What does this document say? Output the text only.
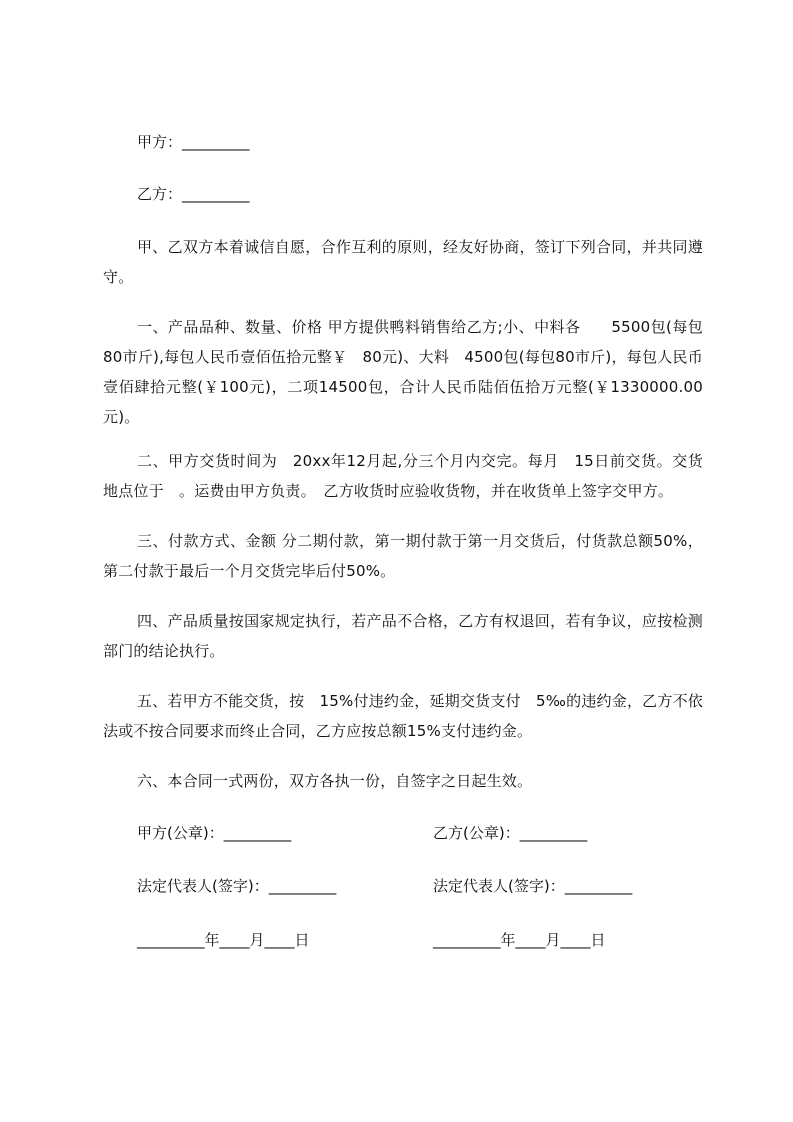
甲方：_________
乙方：_________
甲、乙双方本着诚信自愿，合作互利的原则，经友好协商，签订下列合同，并共同遵守。
一、产品品种、数量、价格 甲方提供鸭料销售给乙方;小、中料各　　5500包(每包80市斤),每包人民币壹佰伍拾元整￥　80元)、大料　4500包(每包80市斤)，每包人民币壹佰肆拾元整(￥100元)，二项14500包，合计人民币陆佰伍拾万元整(￥1330000.00元)。
二、甲方交货时间为　20xx年12月起,分三个月内交完。每月　15日前交货。交货地点位于　。运费由甲方负责。　乙方收货时应验收货物，并在收货单上签字交甲方。
三、付款方式、金额 分二期付款，第一期付款于第一月交货后，付货款总额50%，第二付款于最后一个月交货完毕后付50%。
四、产品质量按国家规定执行，若产品不合格，乙方有权退回，若有争议，应按检测部门的结论执行。
五、若甲方不能交货，按　15%付违约金，延期交货支付　5‰的违约金，乙方不依法或不按合同要求而终止合同，乙方应按总额15%支付违约金。
六、本合同一式两份，双方各执一份，自签字之日起生效。
甲方(公章)：_________	乙方(公章)：_________
法定代表人(签字)：_________	法定代表人(签字)：_________
_________年____月____日	_________年____月____日
